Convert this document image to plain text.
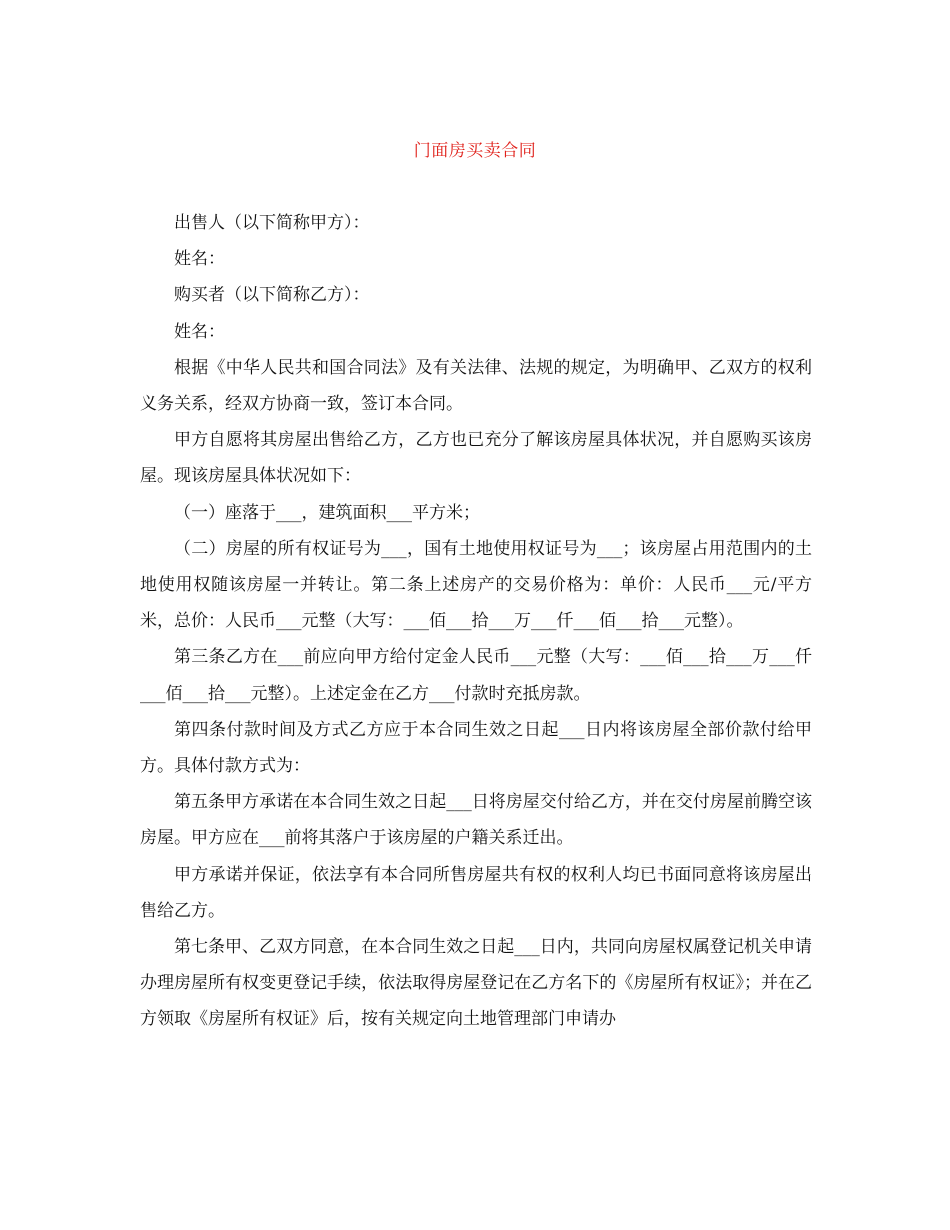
门面房买卖合同

出售人（以下简称甲方）：

姓名：

购买者（以下简称乙方）：

姓名：

根据《中华人民共和国合同法》及有关法律、法规的规定，为明确甲、乙双方的权利义务关系，经双方协商一致，签订本合同。

甲方自愿将其房屋出售给乙方，乙方也已充分了解该房屋具体状况，并自愿购买该房屋。现该房屋具体状况如下：

（一）座落于___，建筑面积___平方米；

（二）房屋的所有权证号为___，国有土地使用权证号为___；该房屋占用范围内的土地使用权随该房屋一并转让。第二条上述房产的交易价格为：单价：人民币___元/平方米，总价：人民币___元整（大写：___佰___拾___万___仟___佰___拾___元整）。

第三条乙方在___前应向甲方给付定金人民币___元整（大写：___佰___拾___万___仟___佰___拾___元整）。上述定金在乙方___付款时充抵房款。

第四条付款时间及方式乙方应于本合同生效之日起___日内将该房屋全部价款付给甲方。具体付款方式为：

第五条甲方承诺在本合同生效之日起___日将房屋交付给乙方，并在交付房屋前腾空该房屋。甲方应在___前将其落户于该房屋的户籍关系迁出。

甲方承诺并保证，依法享有本合同所售房屋共有权的权利人均已书面同意将该房屋出售给乙方。

第七条甲、乙双方同意，在本合同生效之日起___日内，共同向房屋权属登记机关申请办理房屋所有权变更登记手续，依法取得房屋登记在乙方名下的《房屋所有权证》；并在乙方领取《房屋所有权证》后，按有关规定向土地管理部门申请办
